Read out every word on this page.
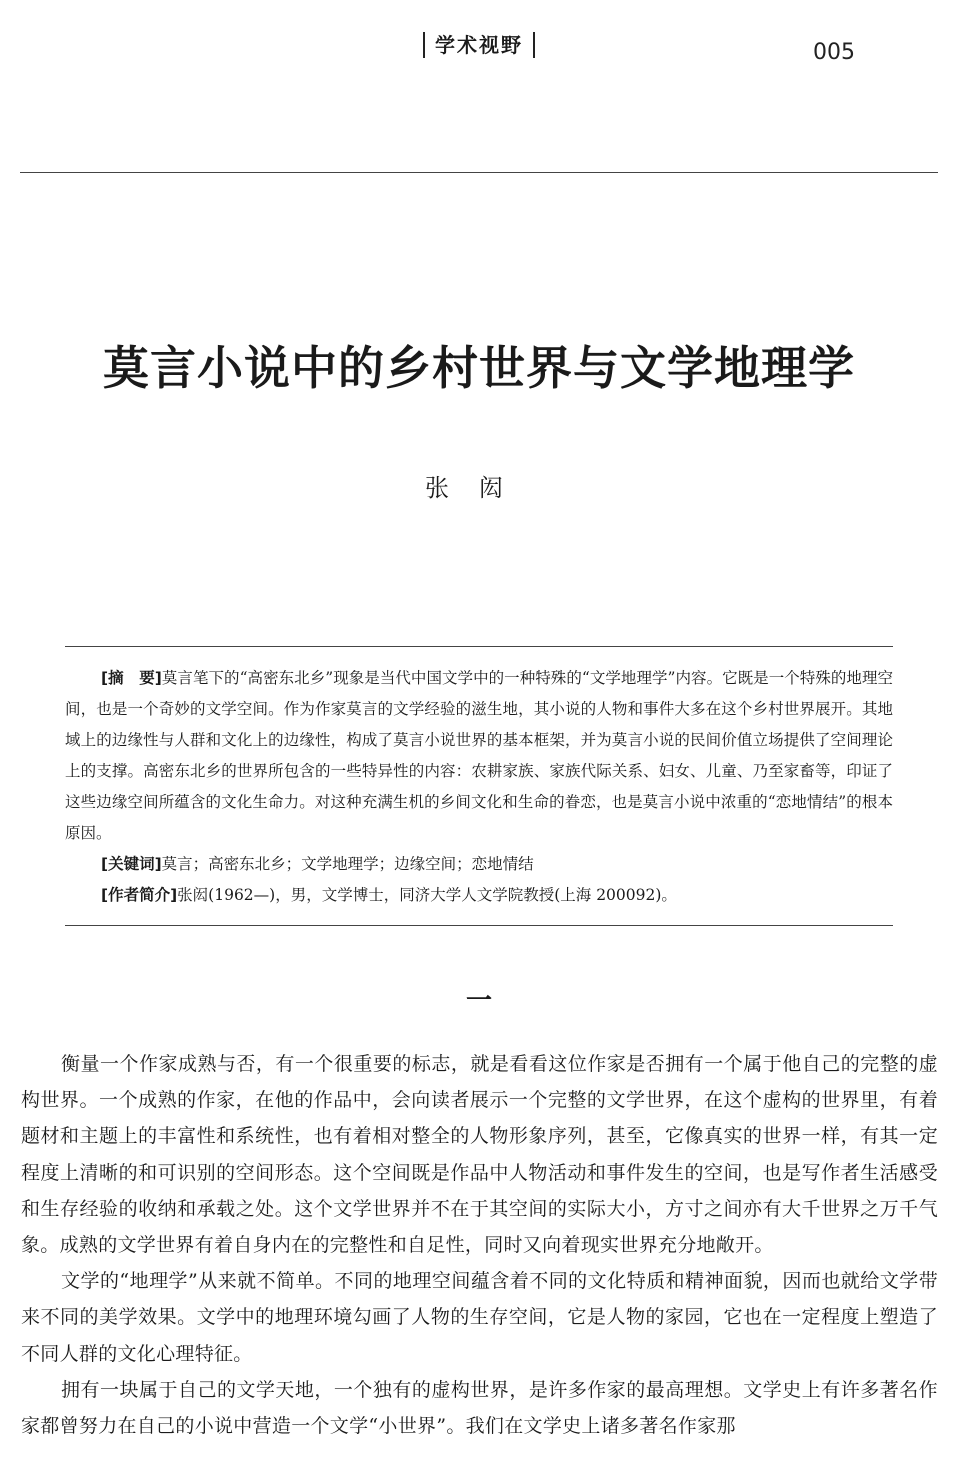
学术视野	005
莫言小说中的乡村世界与文学地理学
张闳

[摘　要]莫言笔下的“高密东北乡”现象是当代中国文学中的一种特殊的“文学地理学”内容。它既是一个特殊的地理空间，也是一个奇妙的文学空间。作为作家莫言的文学经验的滋生地，其小说的人物和事件大多在这个乡村世界展开。其地域上的边缘性与人群和文化上的边缘性，构成了莫言小说世界的基本框架，并为莫言小说的民间价值立场提供了空间理论上的支撑。高密东北乡的世界所包含的一些特异性的内容：农耕家族、家族代际关系、妇女、儿童、乃至家畜等，印证了这些边缘空间所蕴含的文化生命力。对这种充满生机的乡间文化和生命的眷恋，也是莫言小说中浓重的“恋地情结”的根本原因。

[关键词]莫言；高密东北乡；文学地理学；边缘空间；恋地情结

[作者简介]张闳(1962—)，男，文学博士，同济大学人文学院教授(上海 200092)。

一

衡量一个作家成熟与否，有一个很重要的标志，就是看看这位作家是否拥有一个属于他自己的完整的虚构世界。一个成熟的作家，在他的作品中，会向读者展示一个完整的文学世界，在这个虚构的世界里，有着题材和主题上的丰富性和系统性，也有着相对整全的人物形象序列，甚至，它像真实的世界一样，有其一定程度上清晰的和可识别的空间形态。这个空间既是作品中人物活动和事件发生的空间，也是写作者生活感受和生存经验的收纳和承载之处。这个文学世界并不在于其空间的实际大小，方寸之间亦有大千世界之万千气象。成熟的文学世界有着自身内在的完整性和自足性，同时又向着现实世界充分地敞开。

文学的“地理学”从来就不简单。不同的地理空间蕴含着不同的文化特质和精神面貌，因而也就给文学带来不同的美学效果。文学中的地理环境勾画了人物的生存空间，它是人物的家园，它也在一定程度上塑造了不同人群的文化心理特征。

拥有一块属于自己的文学天地，一个独有的虚构世界，是许多作家的最高理想。文学史上有许多著名作家都曾努力在自己的小说中营造一个文学“小世界”。我们在文学史上诸多著名作家那
